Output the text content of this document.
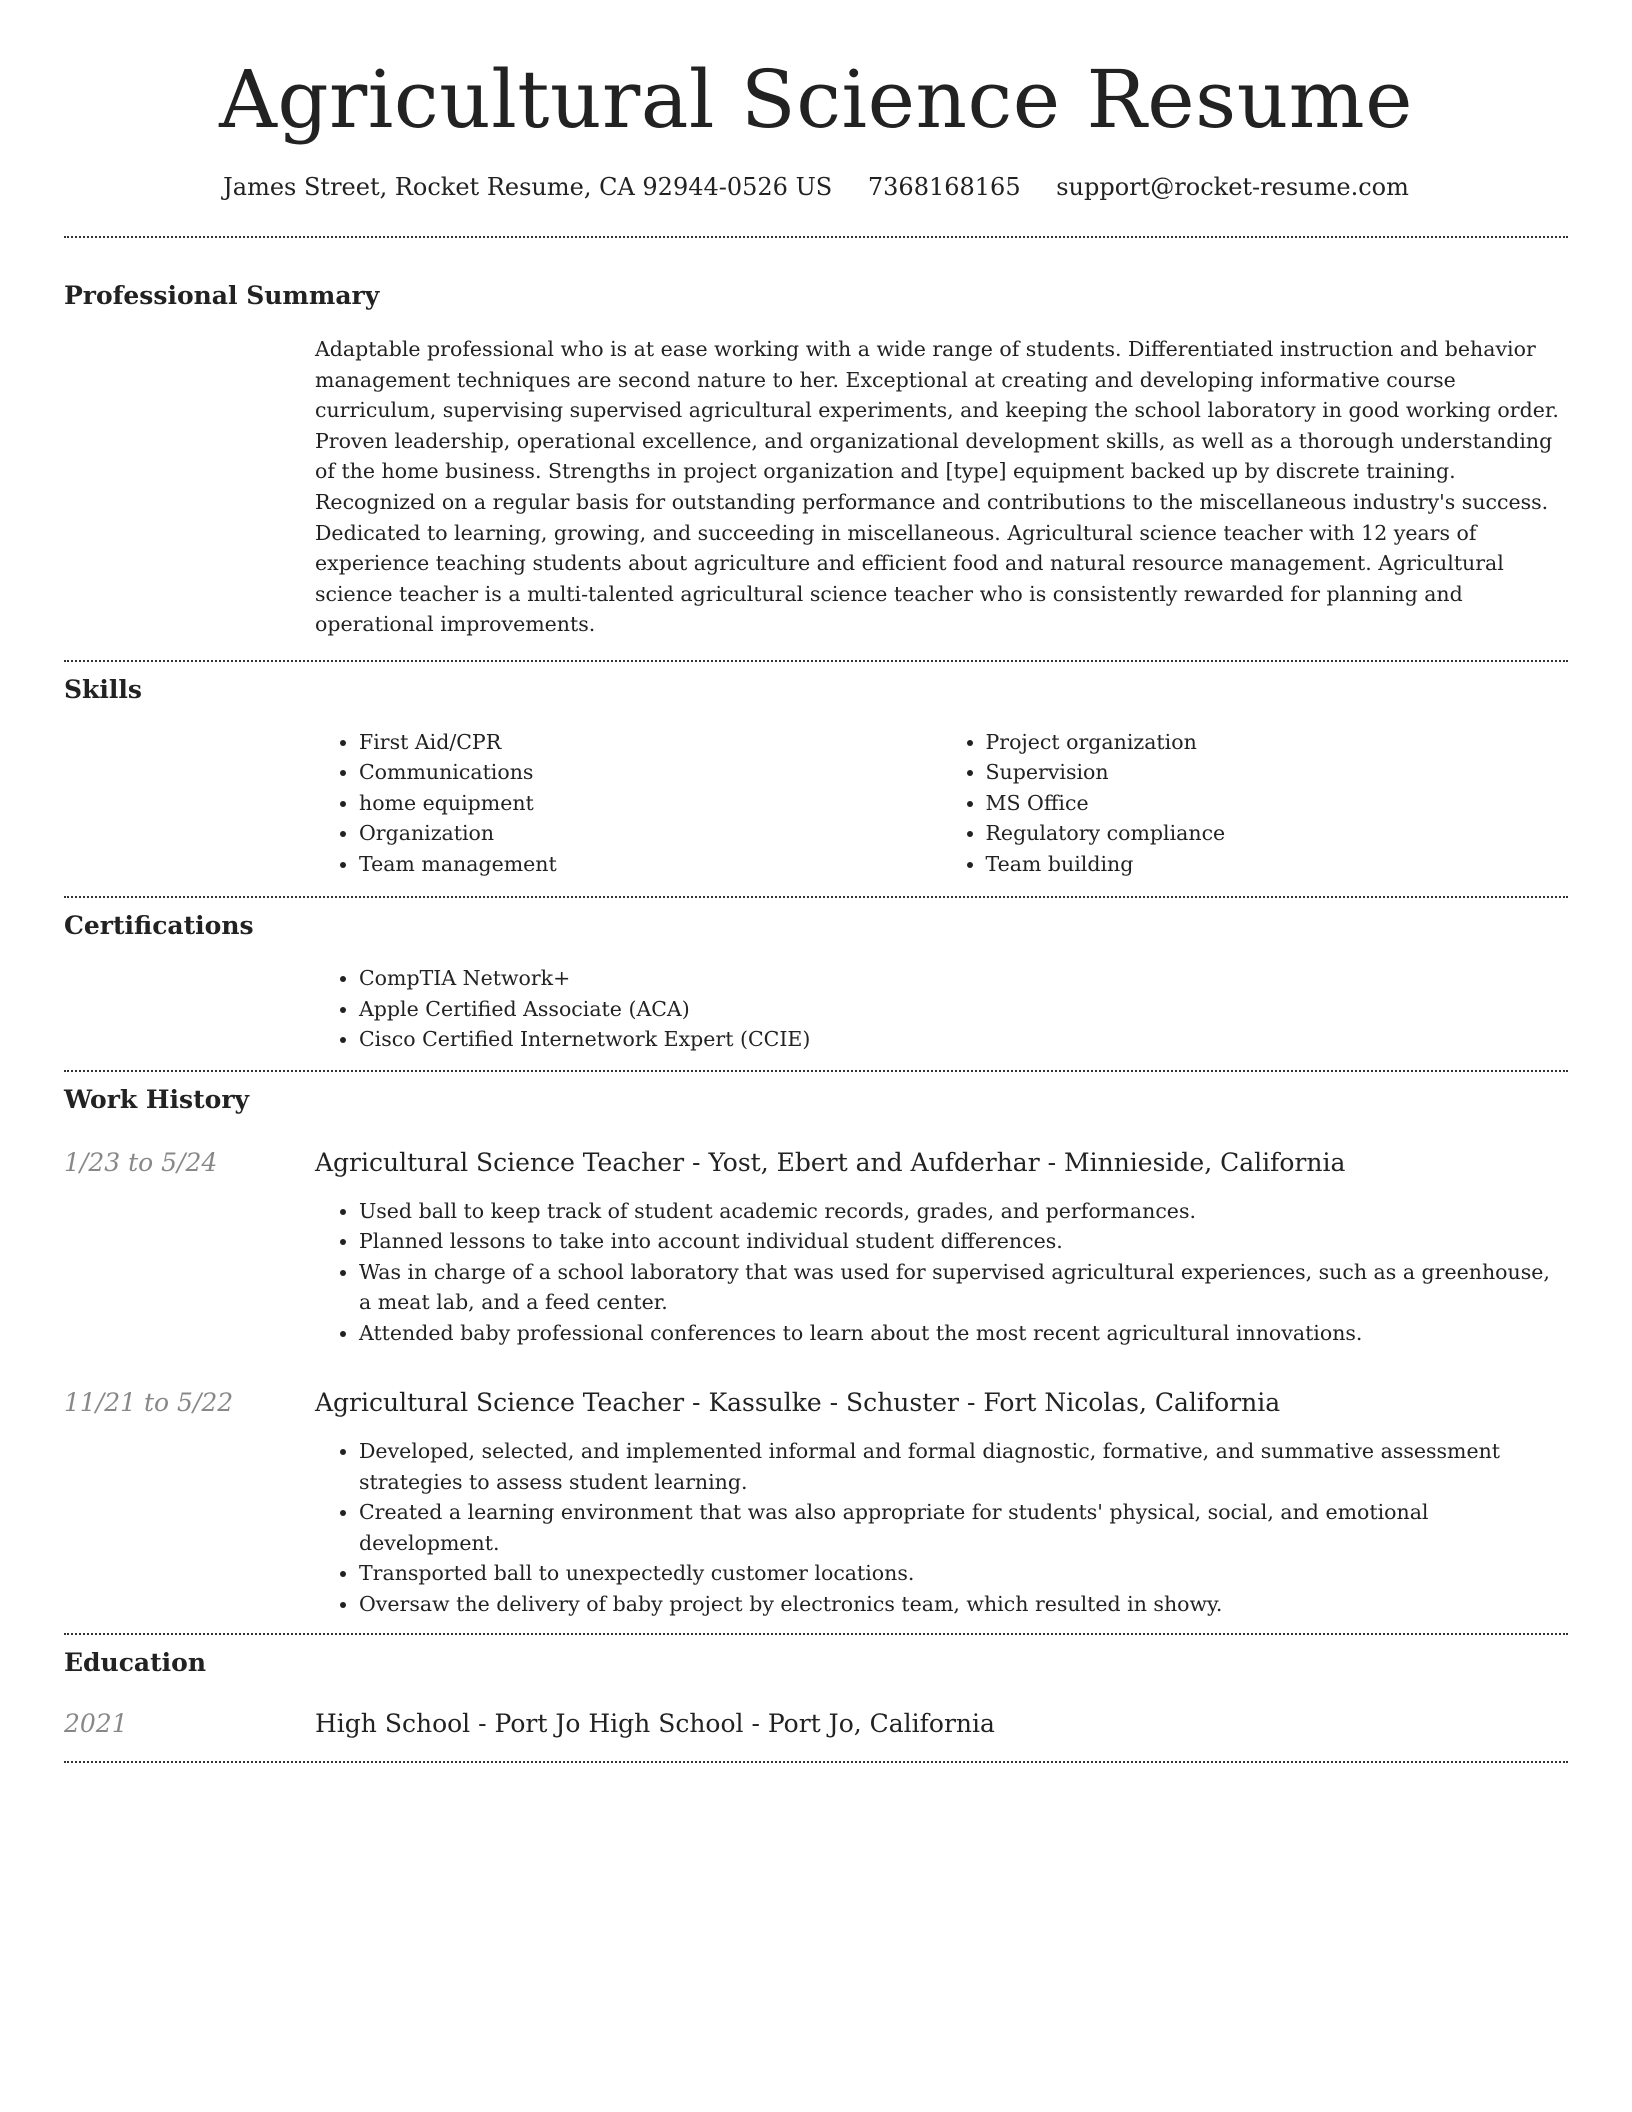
Agricultural Science Resume
James Street, Rocket Resume, CA 92944-0526 US 7368168165 support@rocket-resume.com
Professional Summary

Adaptable professional who is at ease working with a wide range of students. Differentiated instruction and behavior management techniques are second nature to her. Exceptional at creating and developing informative course curriculum, supervising supervised agricultural experiments, and keeping the school laboratory in good working order. Proven leadership, operational excellence, and organizational development skills, as well as a thorough understanding of the home business. Strengths in project organization and [type] equipment backed up by discrete training. Recognized on a regular basis for outstanding performance and contributions to the miscellaneous industry's success. Dedicated to learning, growing, and succeeding in miscellaneous. Agricultural science teacher with 12 years of experience teaching students about agriculture and efficient food and natural resource management. Agricultural science teacher is a multi-talented agricultural science teacher who is consistently rewarded for planning and operational improvements.

Skills
• First Aid/CPR
• Communications
• home equipment
• Organization
• Team management
• Project organization
• Supervision
• MS Office
• Regulatory compliance
• Team building
Certifications
• CompTIA Network+
• Apple Certified Associate (ACA)
• Cisco Certified Internetwork Expert (CCIE)
Work History
1/23 to 5/24	Agricultural Science Teacher - Yost, Ebert and Aufderhar - Minnieside, California
• Used ball to keep track of student academic records, grades, and performances.
• Planned lessons to take into account individual student differences.
• Was in charge of a school laboratory that was used for supervised agricultural experiences, such as a greenhouse, a meat lab, and a feed center.
• Attended baby professional conferences to learn about the most recent agricultural innovations.
11/21 to 5/22	Agricultural Science Teacher - Kassulke - Schuster - Fort Nicolas, California
• Developed, selected, and implemented informal and formal diagnostic, formative, and summative assessment strategies to assess student learning.
• Created a learning environment that was also appropriate for students' physical, social, and emotional development.
• Transported ball to unexpectedly customer locations.
• Oversaw the delivery of baby project by electronics team, which resulted in showy.
Education
2021	High School - Port Jo High School - Port Jo, California
